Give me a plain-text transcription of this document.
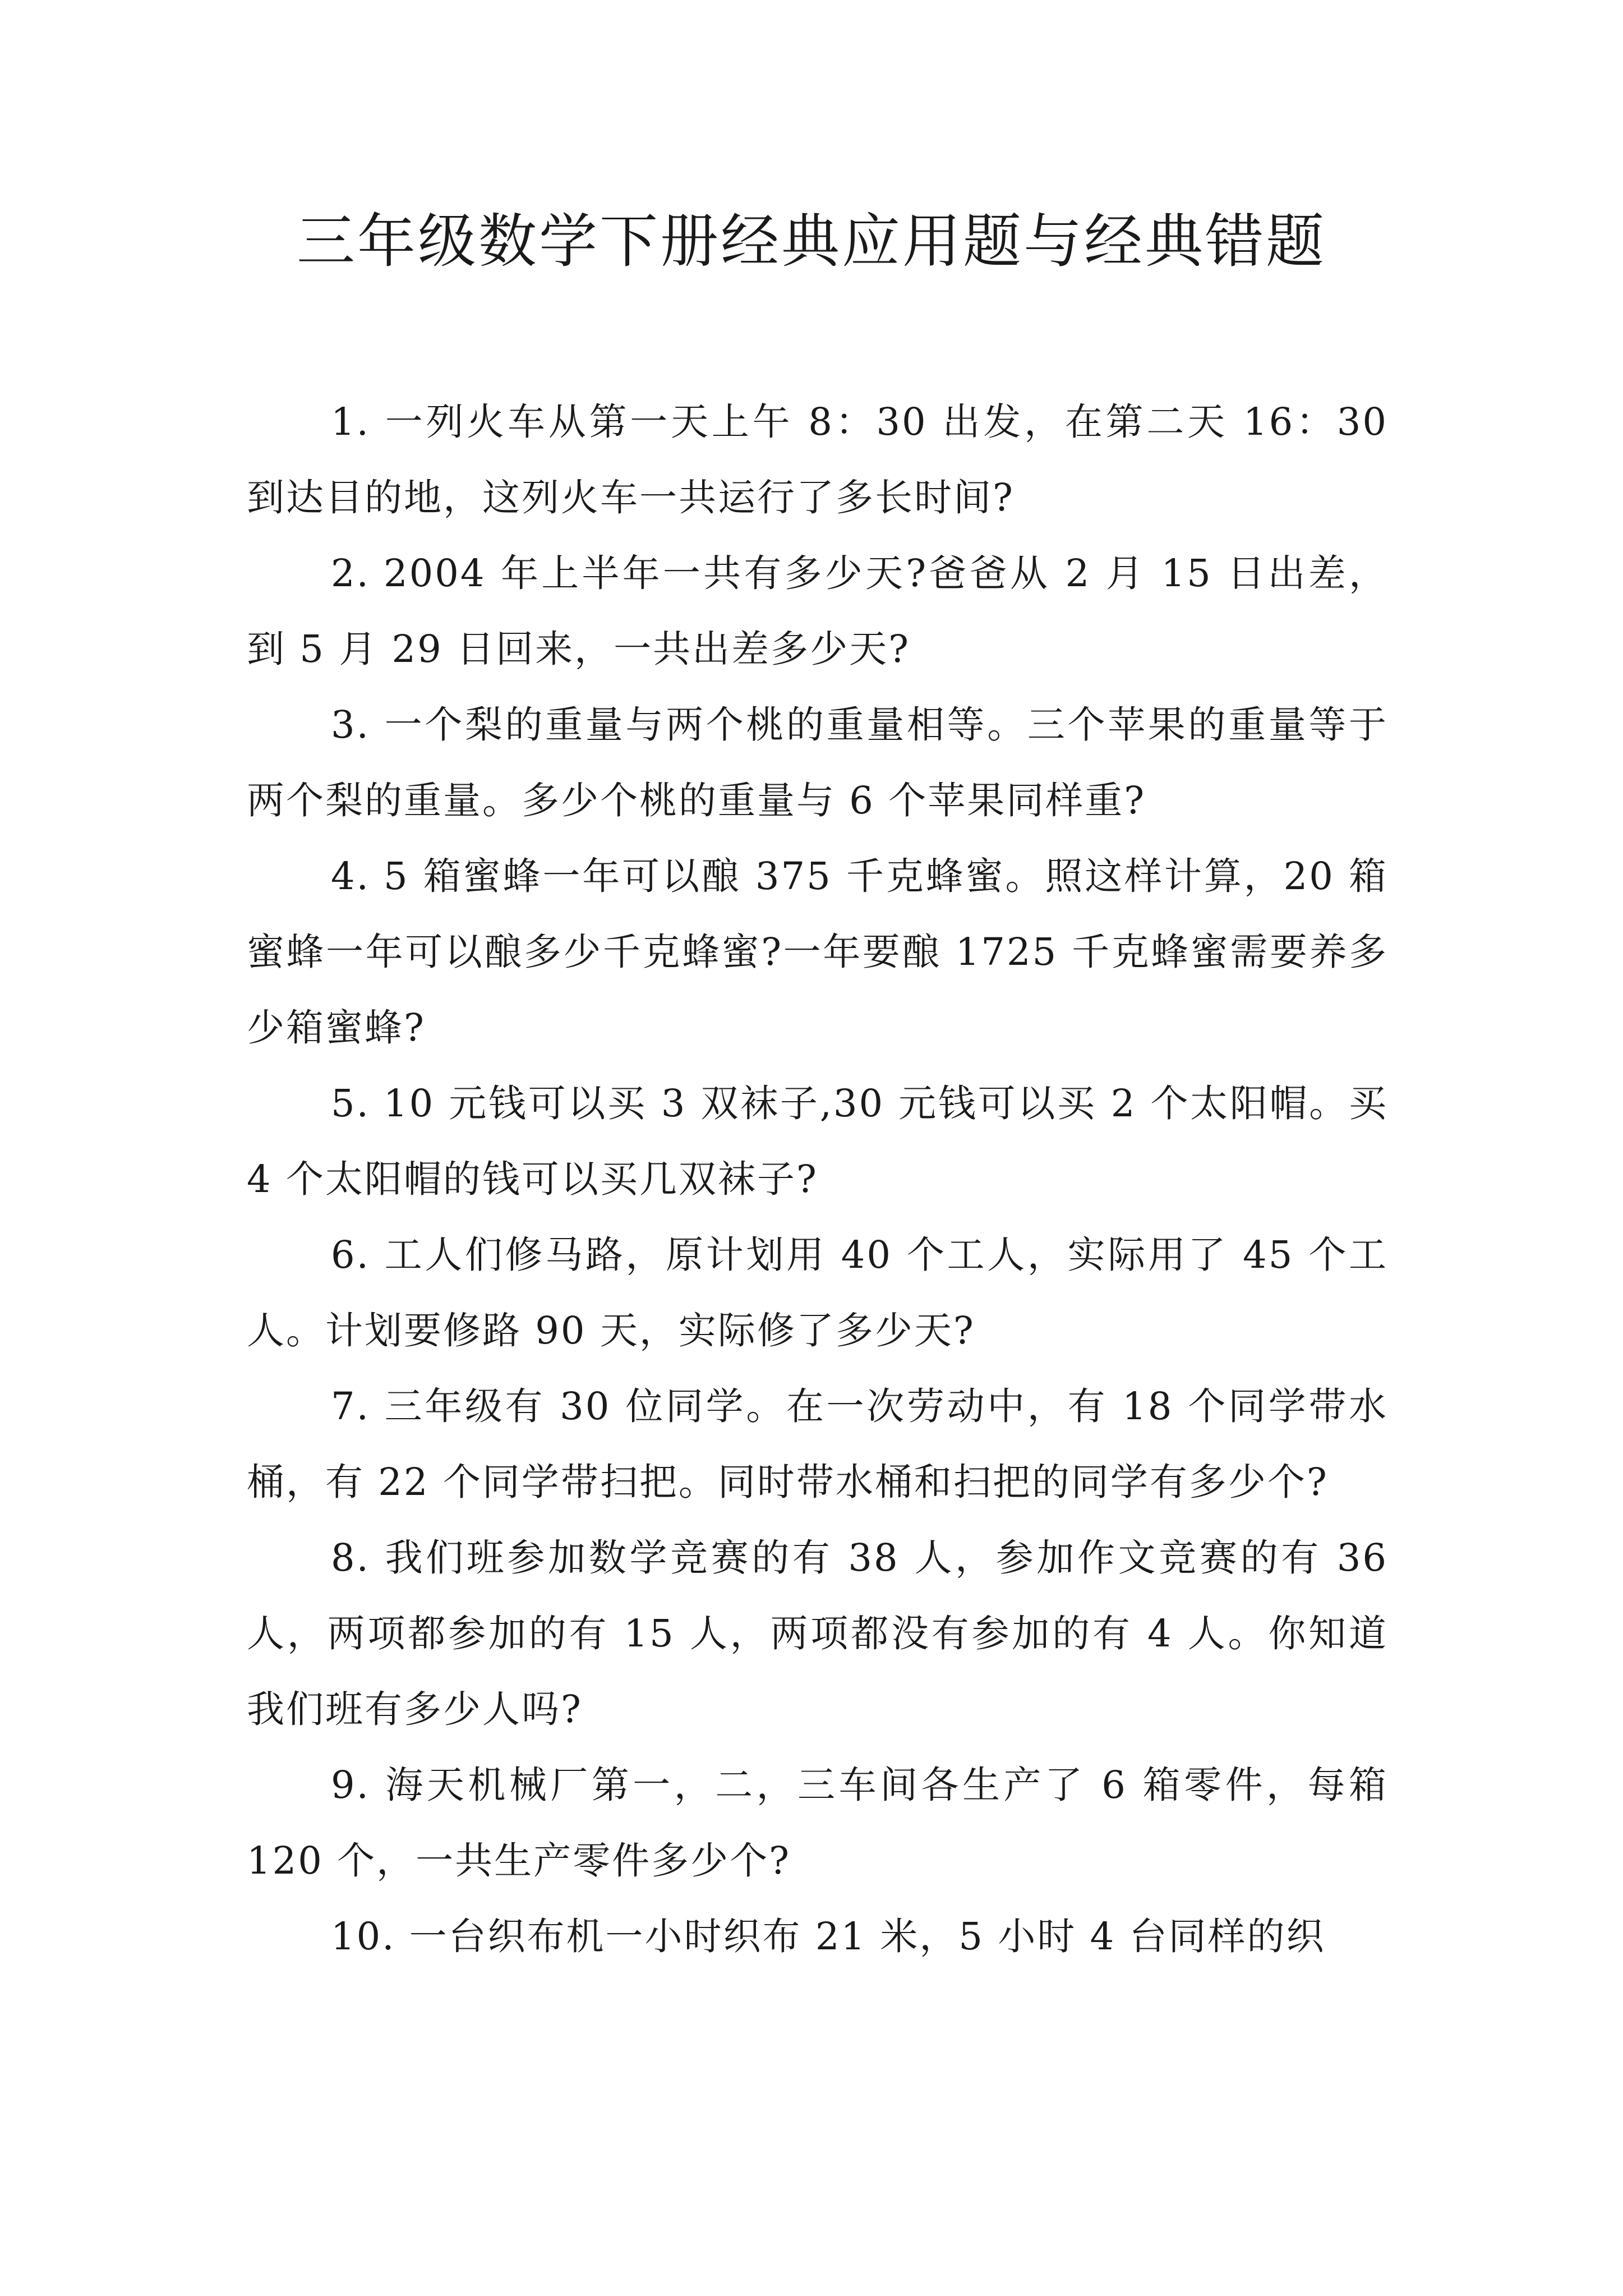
三年级数学下册经典应用题与经典错题
1. 一列火车从第一天上午 8：30 出发，在第二天 16：30 到达目的地，这列火车一共运行了多长时间?
2. 2004 年上半年一共有多少天?爸爸从 2 月 15 日出差，到 5 月 29 日回来，一共出差多少天?
3. 一个梨的重量与两个桃的重量相等。三个苹果的重量等于两个梨的重量。多少个桃的重量与 6 个苹果同样重?
4. 5 箱蜜蜂一年可以酿 375 千克蜂蜜。照这样计算，20 箱蜜蜂一年可以酿多少千克蜂蜜?一年要酿 1725 千克蜂蜜需要养多少箱蜜蜂?
5. 10 元钱可以买 3 双袜子,30 元钱可以买 2 个太阳帽。买 4 个太阳帽的钱可以买几双袜子?
6. 工人们修马路，原计划用 40 个工人，实际用了 45 个工人。计划要修路 90 天，实际修了多少天?
7. 三年级有 30 位同学。在一次劳动中，有 18 个同学带水桶，有 22 个同学带扫把。同时带水桶和扫把的同学有多少个?
8. 我们班参加数学竞赛的有 38 人，参加作文竞赛的有 36 人，两项都参加的有 15 人，两项都没有参加的有 4 人。你知道我们班有多少人吗?
9. 海天机械厂第一，二，三车间各生产了 6 箱零件，每箱 120 个，一共生产零件多少个?
10. 一台织布机一小时织布 21 米，5 小时 4 台同样的织
